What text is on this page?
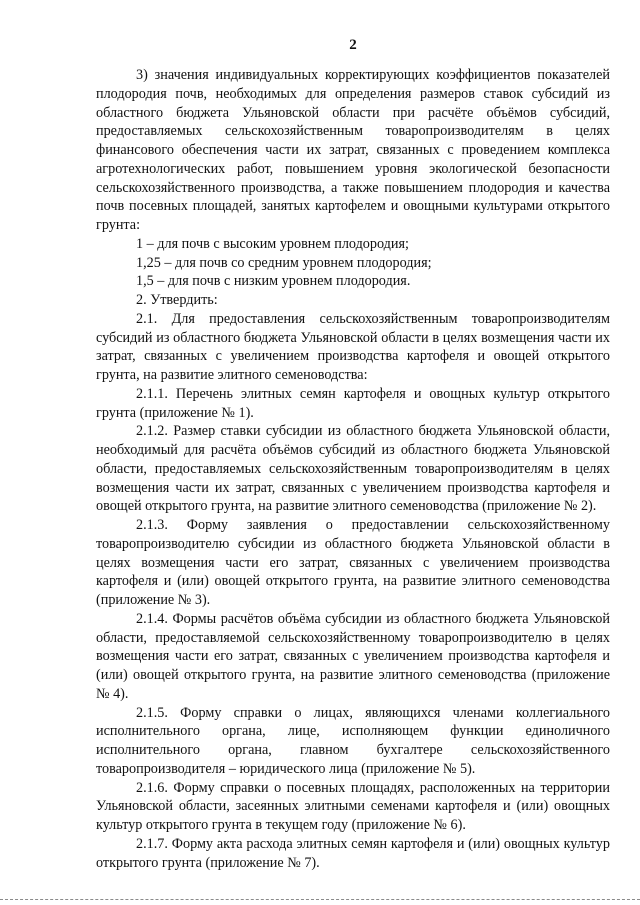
2

3) значения индивидуальных корректирующих коэффициентов показателей плодородия почв, необходимых для определения размеров ставок субсидий из областного бюджета Ульяновской области при расчёте объёмов субсидий, предоставляемых сельскохозяйственным товаропроизводителям в целях финансового обеспечения части их затрат, связанных с проведением комплекса агротехнологических работ, повышением уровня экологической безопасности сельскохозяйственного производства, а также повышением плодородия и качества почв посевных площадей, занятых картофелем и овощными культурами открытого грунта:

1 – для почв с высоким уровнем плодородия;

1,25 – для почв со средним уровнем плодородия;

1,5 – для почв с низким уровнем плодородия.

2. Утвердить:

2.1. Для предоставления сельскохозяйственным товаропроизводителям субсидий из областного бюджета Ульяновской области в целях возмещения части их затрат, связанных с увеличением производства картофеля и овощей открытого грунта, на развитие элитного семеноводства:

2.1.1. Перечень элитных семян картофеля и овощных культур открытого грунта (приложение № 1).

2.1.2. Размер ставки субсидии из областного бюджета Ульяновской области, необходимый для расчёта объёмов субсидий из областного бюджета Ульяновской области, предоставляемых сельскохозяйственным товаропроизводителям в целях возмещения части их затрат, связанных с увеличением производства картофеля и овощей открытого грунта, на развитие элитного семеноводства (приложение № 2).

2.1.3. Форму заявления о предоставлении сельскохозяйственному товаропроизводителю субсидии из областного бюджета Ульяновской области в целях возмещения части его затрат, связанных с увеличением производства картофеля и (или) овощей открытого грунта, на развитие элитного семеноводства (приложение № 3).

2.1.4. Формы расчётов объёма субсидии из областного бюджета Ульяновской области, предоставляемой сельскохозяйственному товаропроизводителю в целях возмещения части его затрат, связанных с увеличением производства картофеля и (или) овощей открытого грунта, на развитие элитного семеноводства (приложение № 4).

2.1.5. Форму справки о лицах, являющихся членами коллегиального исполнительного органа, лице, исполняющем функции единоличного исполнительного органа, главном бухгалтере сельскохозяйственного товаропроизводителя – юридического лица (приложение № 5).

2.1.6. Форму справки о посевных площадях, расположенных на территории Ульяновской области, засеянных элитными семенами картофеля и (или) овощных культур открытого грунта в текущем году (приложение № 6).

2.1.7. Форму акта расхода элитных семян картофеля и (или) овощных культур открытого грунта (приложение № 7).
